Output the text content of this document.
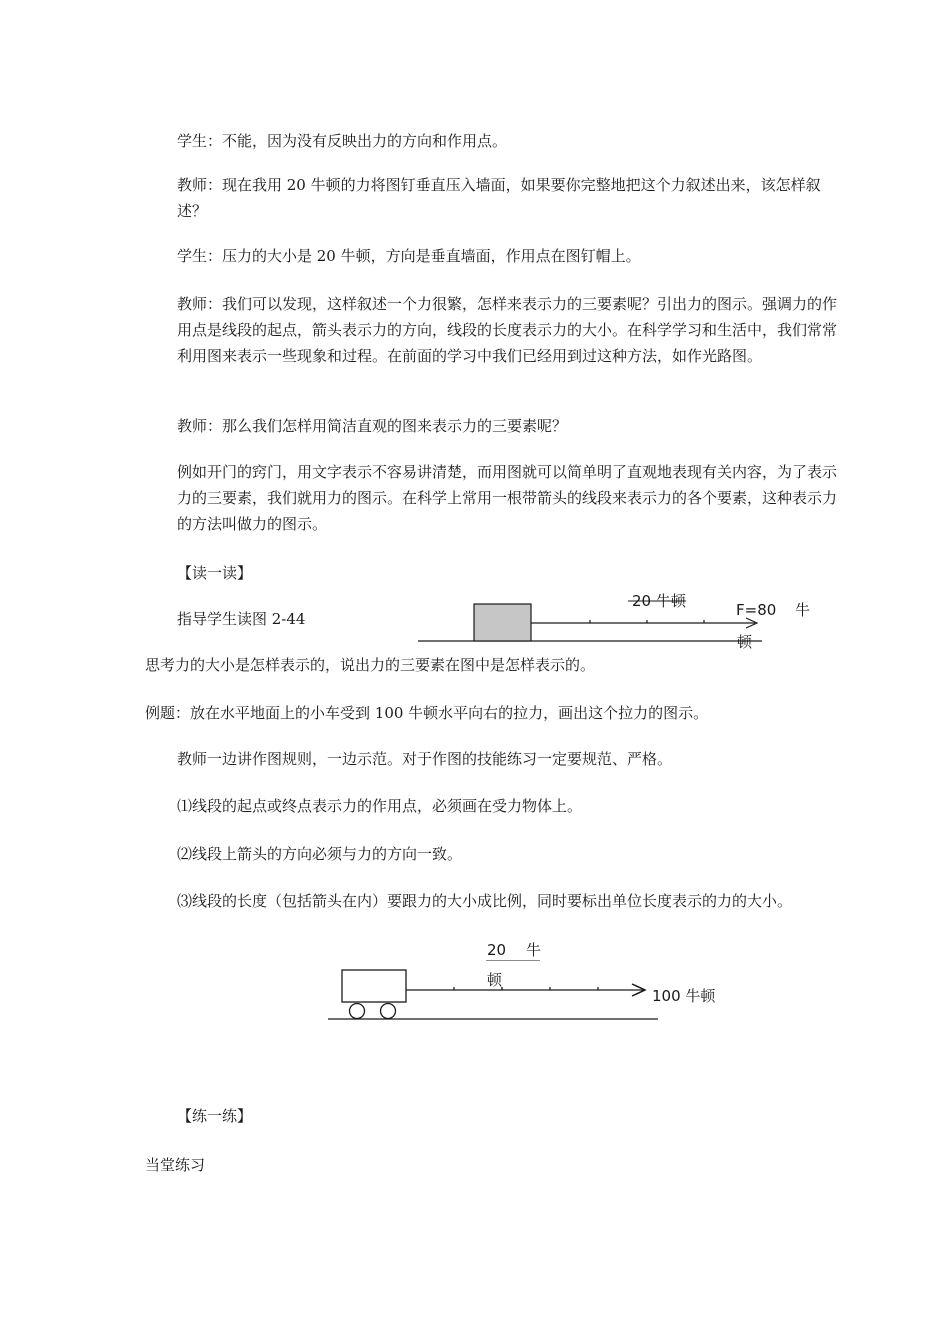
学生：不能，因为没有反映出力的方向和作用点。
教师：现在我用 20 牛顿的力将图钉垂直压入墙面，如果要你完整地把这个力叙述出来，该怎样叙述？
学生：压力的大小是 20 牛顿，方向是垂直墙面，作用点在图钉帽上。
教师：我们可以发现，这样叙述一个力很繁，怎样来表示力的三要素呢？引出力的图示。强调力的作用点是线段的起点，箭头表示力的方向，线段的长度表示力的大小。在科学学习和生活中，我们常常利用图来表示一些现象和过程。在前面的学习中我们已经用到过这种方法，如作光路图。
教师：那么我们怎样用简洁直观的图来表示力的三要素呢？
例如开门的窍门，用文字表示不容易讲清楚，而用图就可以简单明了直观地表现有关内容，为了表示力的三要素，我们就用力的图示。在科学上常用一根带箭头的线段来表示力的各个要素，这种表示力的方法叫做力的图示。
【读一读】
指导学生读图 2-44
20 牛顿	F=80 牛
顿
思考力的大小是怎样表示的，说出力的三要素在图中是怎样表示的。
例题：放在水平地面上的小车受到 100 牛顿水平向右的拉力，画出这个拉力的图示。
教师一边讲作图规则，一边示范。对于作图的技能练习一定要规范、严格。
⑴线段的起点或终点表示力的作用点，必须画在受力物体上。
⑵线段上箭头的方向必须与力的方向一致。
⑶线段的长度（包括箭头在内）要跟力的大小成比例，同时要标出单位长度表示的力的大小。
20 牛
顿
100 牛顿
【练一练】
当堂练习
